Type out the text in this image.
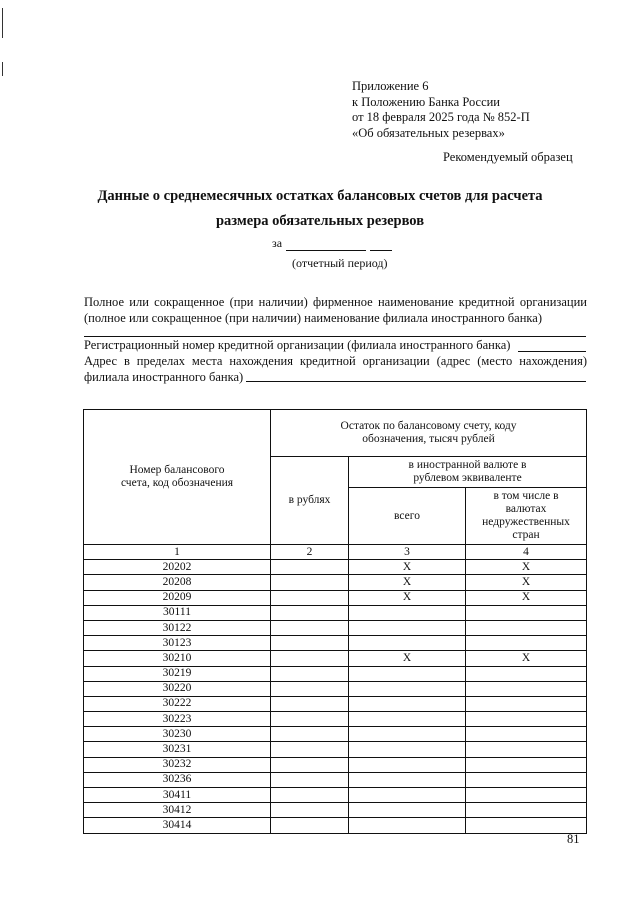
Приложение 6
к Положению Банка России
от 18 февраля 2025 года № 852-П
«Об обязательных резервах»
Рекомендуемый образец
Данные о среднемесячных остатках балансовых счетов для расчета
размера обязательных резервов
за
(отчетный период)
Полное или сокращенное (при наличии) фирменное наименование кредитной организации (полное или сокращенное (при наличии) наименование филиала иностранного банка)
Регистрационный номер кредитной организации (филиала иностранного банка)
Адрес в пределах места нахождения кредитной организации (адрес (место нахождения) филиала иностранного банка)
Номер балансового счета, код обозначения	Остаток по балансовому счету, коду обозначения, тысяч рублей		
	в рублях	в иностранной валюте в рублевом эквиваленте	
		всего	в том числе в валютах недружественных стран
1	2	3	4
20202		X	X
20208		X	X
20209		X	X
30111			
30122			
30123			
30210		X	X
30219			
30220			
30222			
30223			
30230			
30231			
30232			
30236			
30411			
30412			
30414			
81
